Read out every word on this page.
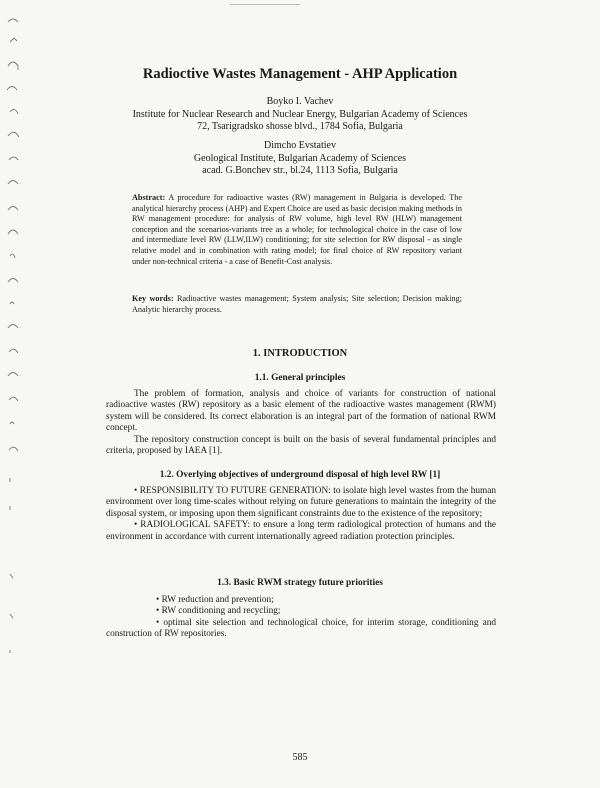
Radioctive Wastes Management - AHP Application
Boyko I. Vachev
Institute for Nuclear Research and Nuclear Energy, Bulgarian Academy of Sciences
72, Tsarigradsko shosse blvd., 1784 Sofia, Bulgaria
Dimcho Evstatiev
Geological Institute, Bulgarian Academy of Sciences
acad. G.Bonchev str., bl.24, 1113 Sofia, Bulgaria
Abstract: A procedure for radioactive wastes (RW) management in Bulgaria is developed. The analytical hierarchy process (AHP) and Expert Choice are used as basic decision making methods in RW management procedure: for analysis of RW volume, high level RW (HLW) management conception and the scenarios-variants tree as a whole; for technological choice in the case of low and intermediate level RW (LLW,ILW) conditioning; for site selection for RW disposal - as single relative model and in combination with rating model; for final choice of RW repository variant under non-technical criteria - a case of Benefit-Cost analysis.
Key words: Radioactive wastes management; System analysis; Site selection; Decision making; Analytic hierarchy process.
1. INTRODUCTION
1.1. General principles

The problem of formation, analysis and choice of variants for construction of national radioactive wastes (RW) repository as a basic element of the radioactive wastes management (RWM) system will be considered. Its correct elaboration is an integral part of the formation of national RWM concept.

The repository construction concept is built on the basis of several fundamental principles and criteria, proposed by IAEA [1].

1.2. Overlying objectives of underground disposal of high level RW [1]

• RESPONSIBILITY TO FUTURE GENERATION: to isolate high level wastes from the human environment over long time-scales without relying on future generations to maintain the integrity of the disposal system, or imposing upon them significant constraints due to the existence of the repository;

• RADIOLOGICAL SAFETY: to ensure a long term radiological protection of humans and the environment in accordance with current internationally agreed radiation protection principles.

1.3. Basic RWM strategy future priorities
• RW reduction and prevention;
• RW conditioning and recycling;
• optimal site selection and technological choice, for interim storage, conditioning and construction of RW repositories.
585
